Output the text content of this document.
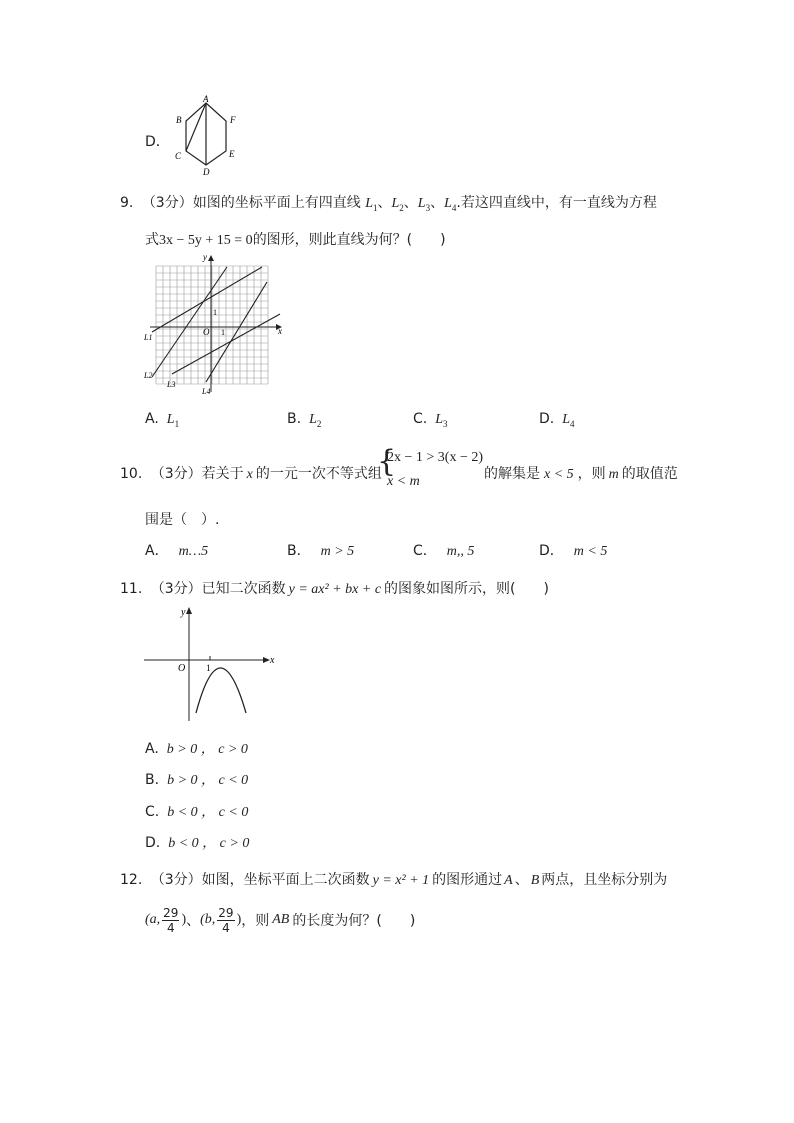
D．
A
B
C
D
E
F
9. （3分）如图的坐标平面上有四直线 $L_1$、$L_2$、$L_3$、$L_4$.若这四直线中，有一直线为方程
式3x − 5y + 15 = 0的图形，则此直线为何？(　　)
x
y
O 1
1
L1
L2
L3
L4
A. $L_1$	B. $L_2$	C. $L_3$	D. $L_4$
10. （3分）若关于 x 的一元一次不等式组
{
2x − 1 > 3(x − 2)
x < m	的解集是 x < 5 ，则 m 的取值范
围是（　）.
A． m…5	B． m > 5	C． m,, 5	D． m < 5
11. （3分）已知二次函数 y = ax² + bx + c 的图象如图所示，则(　　)
x
y
O 1
A. b > 0 ， c > 0
B. b > 0 ， c < 0
C. b < 0 ， c < 0
D. b < 0 ， c > 0
12. （3分）如图，坐标平面上二次函数 y = x² + 1 的图形通过 A 、 B 两点，且坐标分别为
(a, $\frac{29}{4}$ ) 、 (b, $\frac{29}{4}$ ) ，则 AB 的长度为何？(　　)
